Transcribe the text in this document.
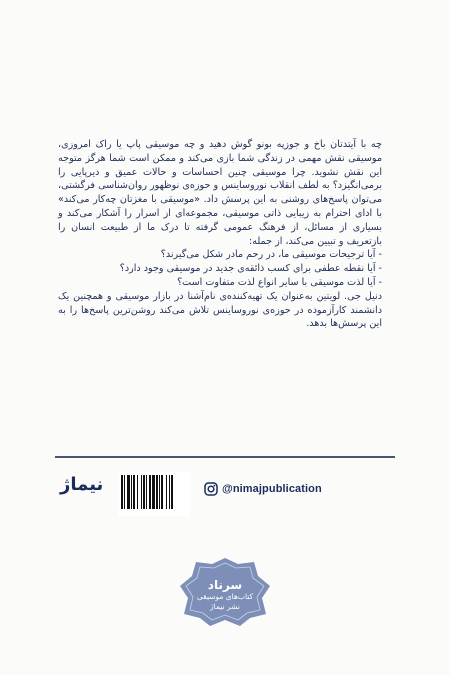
چه با آیتدتان باخ و جوزپه بونو گوش دهید و چه موسیقی پاپ یا راک امروزی، موسیقی نقش مهمی در زندگی شما بازی می‌کند و ممکن است شما هرگز متوجه این نقش نشوید. چرا موسیقی چنین احساسات و حالات عمیق و دیرپایی را برمی‌انگیزد؟ به لطف انقلاب نوروساینس و حوزه‌ی نوظهور روان‌شناسی فرگشتی، می‌توان پاسخ‌های روشنی به این پرسش داد. «موسیقی با مغزتان چه‌کار می‌کند» با ادای احترام به زیبایی ذاتی موسیقی، مجموعه‌ای از اسرار را آشکار می‌کند و بسیاری از مسائل، از فرهنگ عمومی گرفته تا درک ما از طبیعت انسان را بازتعریف و تبیین می‌کند، از جمله:

- آیا ترجیحات موسیقی ما، در رحم مادر شکل می‌گیرند؟

- آیا نقطه عطفی برای کسب ذائقه‌ی جدید در موسیقی وجود دارد؟

- آیا لذت موسیقی با سایر انواع لذت متفاوت است؟

دنیل جی. لویتین به‌عنوان یک تهیه‌کننده‌ی نام‌آشنا در بازار موسیقی و همچنین یک دانشمند کارآزموده در حوزه‌ی نوروساینس تلاش می‌کند روشن‌ترین پاسخ‌ها را به این پرسش‌ها بدهد.

نیماژ	@nimajpublication
سرناد
کتاب‌های موسیقی
نشر نیماژ
